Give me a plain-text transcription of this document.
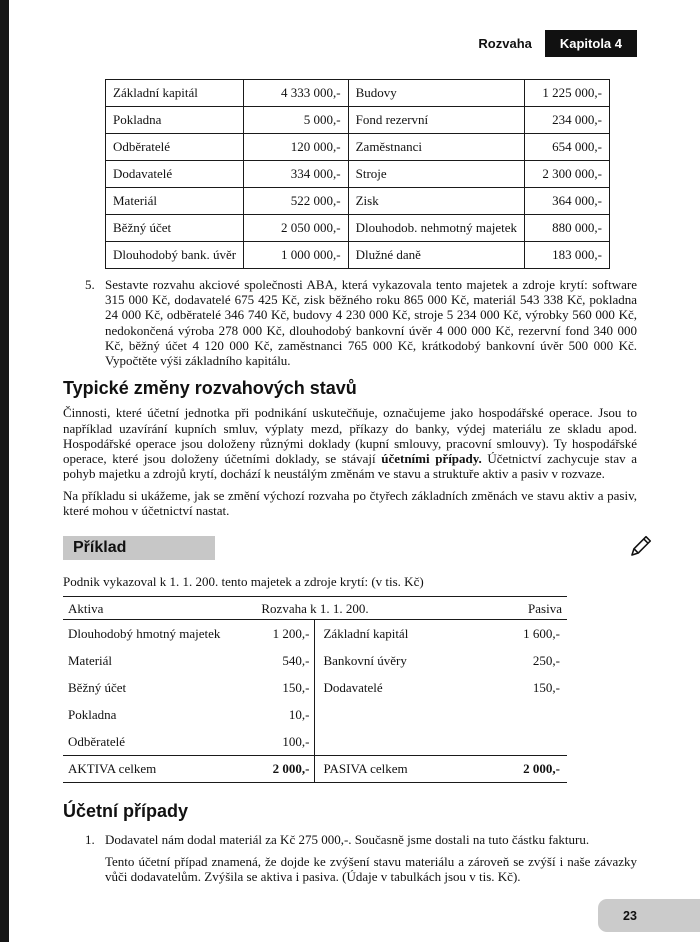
Rozvaha	Kapitola 4
Základní kapitál	4 333 000,-	Budovy	1 225 000,-
Pokladna	5 000,-	Fond rezervní	234 000,-
Odběratelé	120 000,-	Zaměstnanci	654 000,-
Dodavatelé	334 000,-	Stroje	2 300 000,-
Materiál	522 000,-	Zisk	364 000,-
Běžný účet	2 050 000,-	Dlouhodob. nehmotný majetek	880 000,-
Dlouhodobý bank. úvěr	1 000 000,-	Dlužné daně	183 000,-
5. Sestavte rozvahu akciové společnosti ABA, která vykazovala tento majetek a zdroje krytí: software 315 000 Kč, dodavatelé 675 425 Kč, zisk běžného roku 865 000 Kč, materiál 543 338 Kč, pokladna 24 000 Kč, odběratelé 346 740 Kč, budovy 4 230 000 Kč, stroje 5 234 000 Kč, výrobky 560 000 Kč, nedokončená výroba 278 000 Kč, dlouhodobý bankovní úvěr 4 000 000 Kč, rezervní fond 340 000 Kč, běžný účet 4 120 000 Kč, zaměstnanci 765 000 Kč, krátkodobý bankovní úvěr 500 000 Kč. Vypočtěte výši základního kapitálu.
Typické změny rozvahových stavů

Činnosti, které účetní jednotka při podnikání uskutečňuje, označujeme jako hospodářské operace. Jsou to například uzavírání kupních smluv, výplaty mezd, příkazy do banky, výdej materiálu ze skladu apod. Hospodářské operace jsou doloženy různými doklady (kupní smlouvy, pracovní smlouvy). Ty hospodářské operace, které jsou doloženy účetními doklady, se stávají účetními případy. Účetnictví zachycuje stav a pohyb majetku a zdrojů krytí, dochází k neustálým změnám ve stavu a struktuře aktiv a pasiv v rozvaze.

Na příkladu si ukážeme, jak se změní výchozí rozvaha po čtyřech základních změnách ve stavu aktiv a pasiv, které mohou v účetnictví nastat.

Příklad

Podnik vykazoval k 1. 1. 200. tento majetek a zdroje krytí: (v tis. Kč)

Aktiva	Rozvaha k 1. 1. 200.	Pasiva
Dlouhodobý hmotný majetek	1 200,-	Základní kapitál	1 600,-
Materiál	540,-	Bankovní úvěry	250,-
Běžný účet	150,-	Dodavatelé	150,-
Pokladna	10,-		
Odběratelé	100,-		
AKTIVA celkem	2 000,-	PASIVA celkem	2 000,-
Účetní případy
1. Dodavatel nám dodal materiál za Kč 275 000,-. Současně jsme dostali na tuto částku fakturu.

Tento účetní případ znamená, že dojde ke zvýšení stavu materiálu a zároveň se zvýší i naše závazky vůči dodavatelům. Zvýšila se aktiva i pasiva. (Údaje v tabulkách jsou v tis. Kč).

23
